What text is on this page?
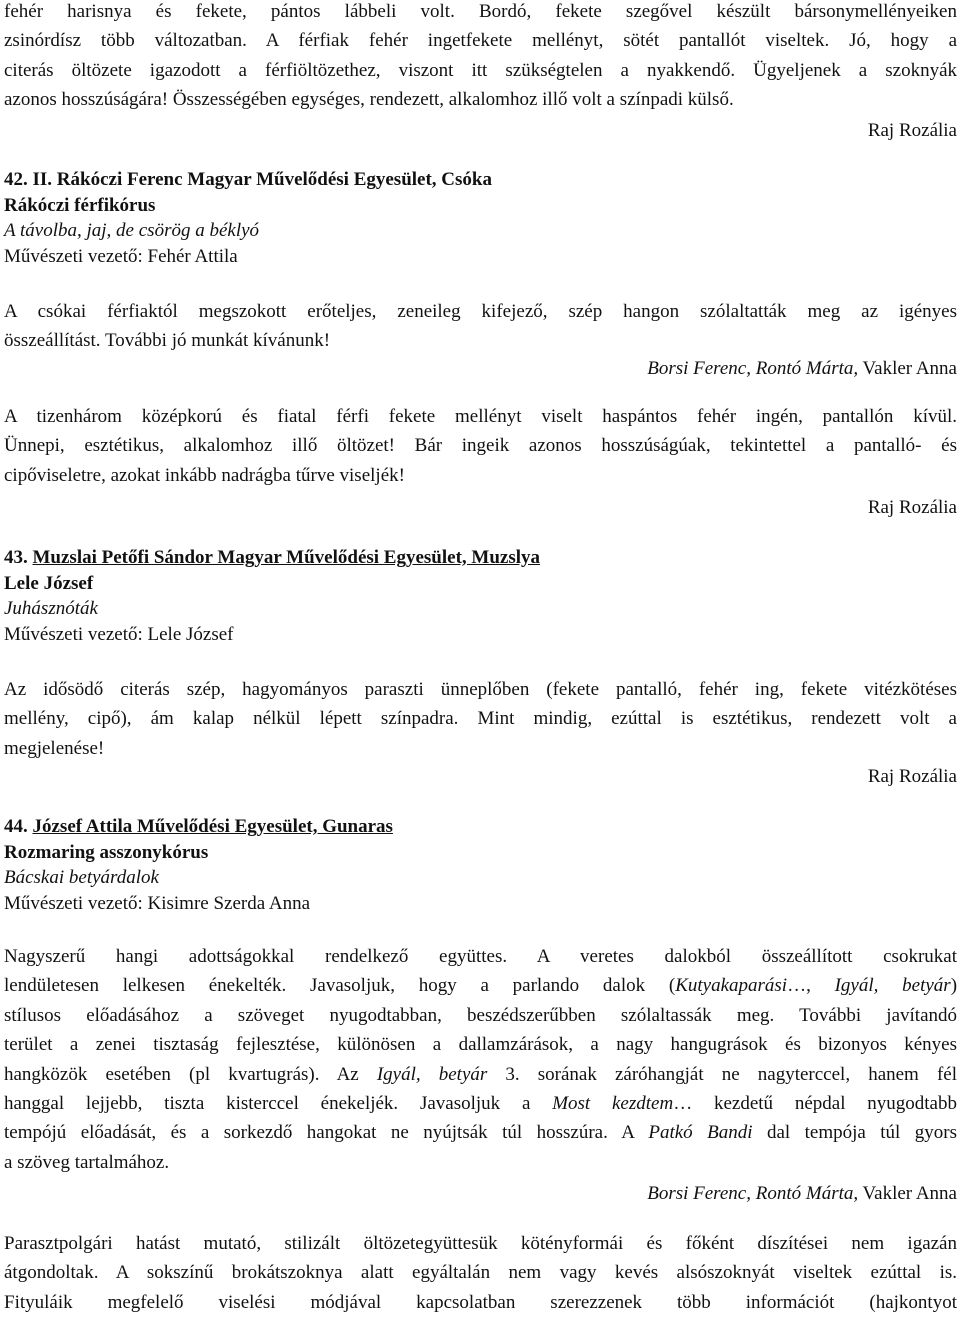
fehér harisnya és fekete, pántos lábbeli volt. Bordó, fekete szegővel készült bársonymellényeiken

zsinórdísz több változatban. A férfiak fehér ingetfekete mellényt, sötét pantallót viseltek. Jó, hogy a

citerás öltözete igazodott a férfiöltözethez, viszont itt szükségtelen a nyakkendő. Ügyeljenek a szoknyák

azonos hosszúságára! Összességében egységes, rendezett, alkalomhoz illő volt a színpadi külső.

Raj Rozália

42. II. Rákóczi Ferenc Magyar Művelődési Egyesület, Csóka

Rákóczi férfikórus

A távolba, jaj, de csörög a béklyó

Művészeti vezető: Fehér Attila

A csókai férfiaktól megszokott erőteljes, zeneileg kifejező, szép hangon szólaltatták meg az igényes

összeállítást. További jó munkát kívánunk!

Borsi Ferenc, Rontó Márta, Vakler Anna

A tizenhárom középkorú és fiatal férfi fekete mellényt viselt haspántos fehér ingén, pantallón kívül.

Ünnepi, esztétikus, alkalomhoz illő öltözet! Bár ingeik azonos hosszúságúak, tekintettel a pantalló- és

cipőviseletre, azokat inkább nadrágba tűrve viseljék!

Raj Rozália

43. Muzslai Petőfi Sándor Magyar Művelődési Egyesület, Muzslya

Lele József

Juhásznóták

Művészeti vezető: Lele József

Az idősödő citerás szép, hagyományos paraszti ünneplőben (fekete pantalló, fehér ing, fekete vitézkötéses

mellény, cipő), ám kalap nélkül lépett színpadra. Mint mindig, ezúttal is esztétikus, rendezett volt a

megjelenése!

Raj Rozália

44. József Attila Művelődési Egyesület, Gunaras

Rozmaring asszonykórus

Bácskai betyárdalok

Művészeti vezető: Kisimre Szerda Anna

Nagyszerű hangi adottságokkal rendelkező együttes. A veretes dalokból összeállított csokrukat

lendületesen lelkesen énekelték. Javasoljuk, hogy a parlando dalok (Kutyakaparási…, Igyál, betyár)

stílusos előadásához a szöveget nyugodtabban, beszédszerűbben szólaltassák meg. További javítandó

terület a zenei tisztaság fejlesztése, különösen a dallamzárások, a nagy hangugrások és bizonyos kényes

hangközök esetében (pl kvartugrás). Az Igyál, betyár 3. sorának záróhangját ne nagyterccel, hanem fél

hanggal lejjebb, tiszta kisterccel énekeljék. Javasoljuk a Most kezdtem… kezdetű népdal nyugodtabb

tempójú előadását, és a sorkezdő hangokat ne nyújtsák túl hosszúra. A Patkó Bandi dal tempója túl gyors

a szöveg tartalmához.

Borsi Ferenc, Rontó Márta, Vakler Anna

Parasztpolgári hatást mutató, stilizált öltözetegyüttesük kötényformái és főként díszítései nem igazán

átgondoltak. A sokszínű brokátszoknya alatt egyáltalán nem vagy kevés alsószoknyát viseltek ezúttal is.

Fityuláik megfelelő viselési módjával kapcsolatban szerezzenek több információt (hajkontyot
